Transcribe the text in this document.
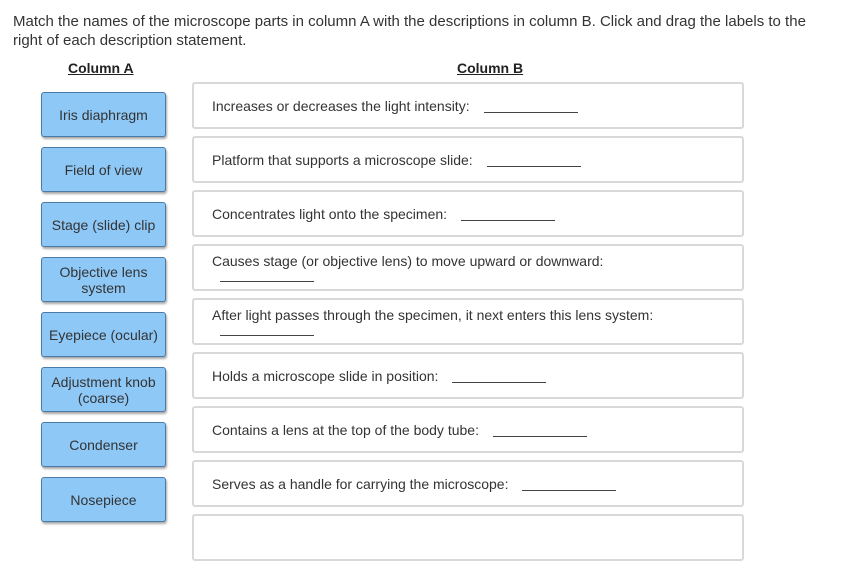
Match the names of the microscope parts in column A with the descriptions in column B. Click and drag the labels to the right of each description statement.
Column A	Column B
Iris diaphragm
Field of view
Stage (slide) clip
Objective lens system
Eyepiece (ocular)
Adjustment knob (coarse)
Condenser
Nosepiece
Increases or decreases the light intensity:
Platform that supports a microscope slide:
Concentrates light onto the specimen:
Causes stage (or objective lens) to move upward or downward:
After light passes through the specimen, it next enters this lens system:
Holds a microscope slide in position:
Contains a lens at the top of the body tube:
Serves as a handle for carrying the microscope:
